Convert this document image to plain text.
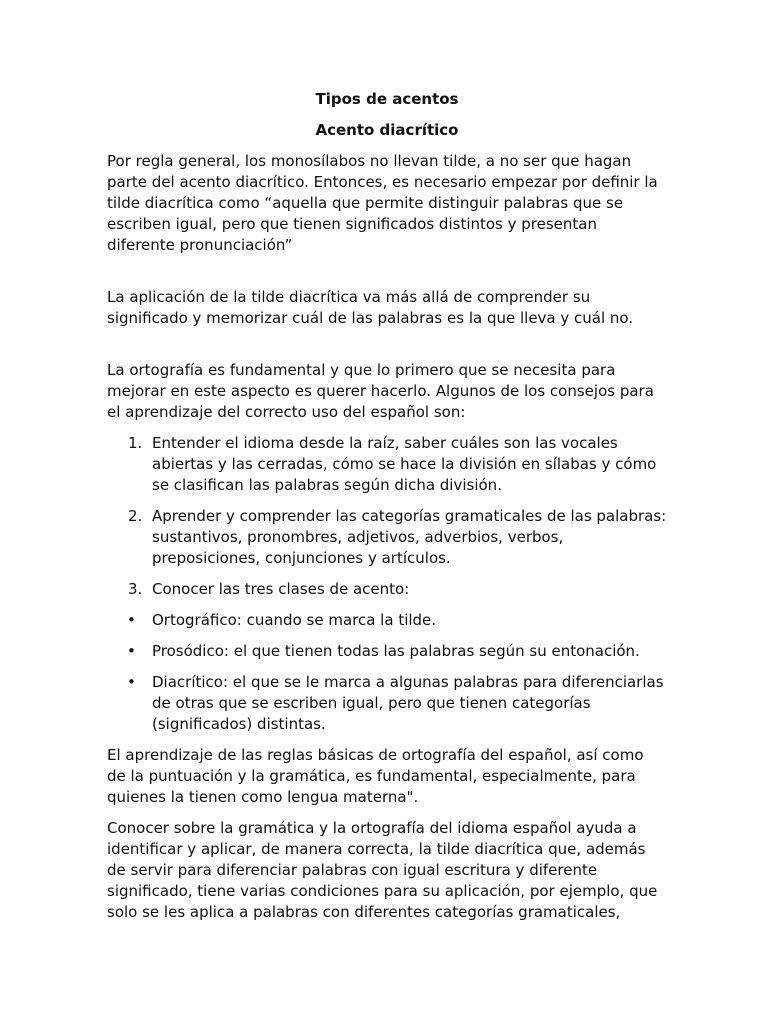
Tipos de acentos
Acento diacrítico

Por regla general, los monosílabos no llevan tilde, a no ser que hagan parte del acento diacrítico. Entonces, es necesario empezar por definir la tilde diacrítica como “aquella que permite distinguir palabras que se escriben igual, pero que tienen significados distintos y presentan diferente pronunciación”

La aplicación de la tilde diacrítica va más allá de comprender su significado y memorizar cuál de las palabras es la que lleva y cuál no.

La ortografía es fundamental y que lo primero que se necesita para mejorar en este aspecto es querer hacerlo. Algunos de los consejos para el aprendizaje del correcto uso del español son:

1. Entender el idioma desde la raíz, saber cuáles son las vocales abiertas y las cerradas, cómo se hace la división en sílabas y cómo se clasifican las palabras según dicha división.
2. Aprender y comprender las categorías gramaticales de las palabras: sustantivos, pronombres, adjetivos, adverbios, verbos, preposiciones, conjunciones y artículos.
3. Conocer las tres clases de acento:
• Ortográfico: cuando se marca la tilde.
• Prosódico: el que tienen todas las palabras según su entonación.
• Diacrítico: el que se le marca a algunas palabras para diferenciarlas de otras que se escriben igual, pero que tienen categorías (significados) distintas.

El aprendizaje de las reglas básicas de ortografía del español, así como de la puntuación y la gramática, es fundamental, especialmente, para quienes la tienen como lengua materna".

Conocer sobre la gramática y la ortografía del idioma español ayuda a identificar y aplicar, de manera correcta, la tilde diacrítica que, además de servir para diferenciar palabras con igual escritura y diferente significado, tiene varias condiciones para su aplicación, por ejemplo, que solo se les aplica a palabras con diferentes categorías gramaticales,
